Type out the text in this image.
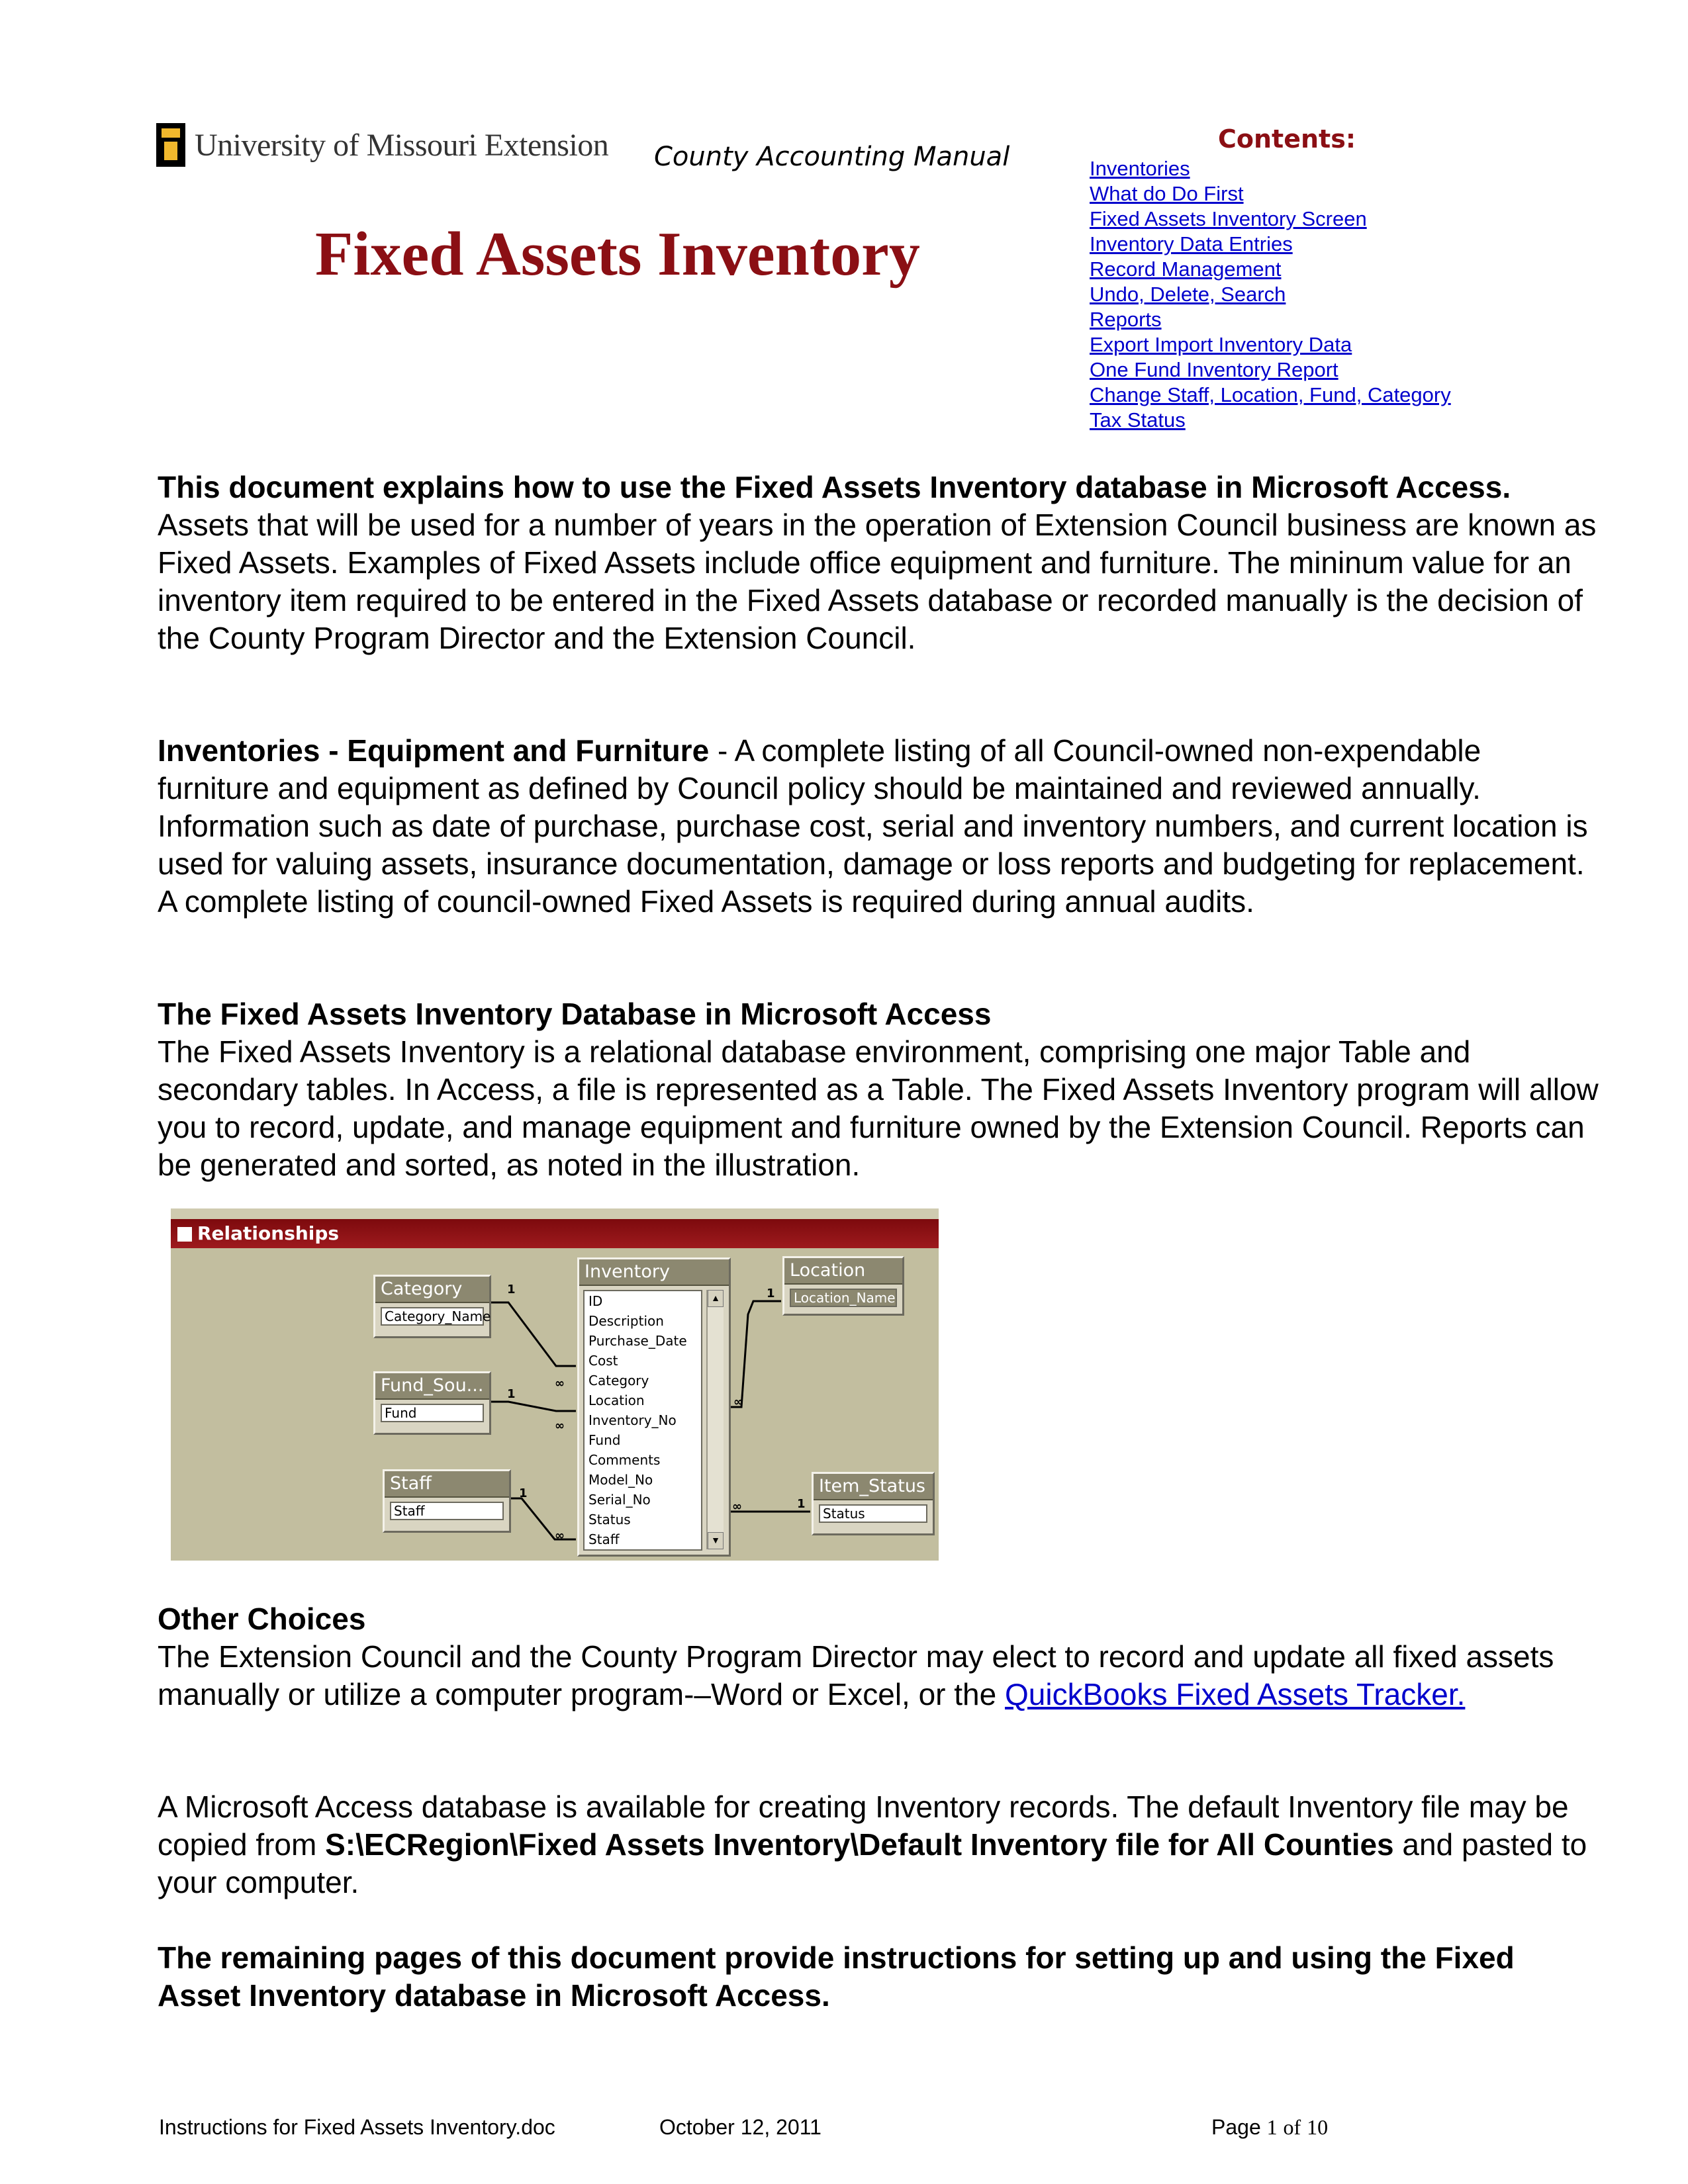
University of Missouri Extension County Accounting Manual
Fixed Assets Inventory
Contents:
Inventories
What do Do First
Fixed Assets Inventory Screen
Inventory Data Entries
Record Management
Undo, Delete, Search
Reports
Export Import Inventory Data
One Fund Inventory Report
Change Staff, Location, Fund, Category
Tax Status
This document explains how to use the Fixed Assets Inventory database in Microsoft Access.  Assets that will be used for a number of years in the operation of Extension Council business are known as Fixed Assets. Examples of Fixed Assets include office equipment and furniture. The mininum value for an inventory item required to be entered in the Fixed Assets database or recorded manually is the decision of the County Program Director and the Extension Council.
Inventories - Equipment and Furniture - A complete listing of all Council-owned non-expendable furniture and equipment as defined by Council policy should be maintained and reviewed annually. Information such as date of purchase, purchase cost, serial and inventory numbers, and current location is used for valuing assets, insurance documentation, damage or loss reports and budgeting for replacement. A complete listing of council-owned Fixed Assets is required during annual audits.
The Fixed Assets Inventory Database in Microsoft Access
The Fixed Assets Inventory is a relational database environment, comprising one major Table and secondary tables. In Access, a file is represented as a Table. The Fixed Assets Inventory program will allow you to record, update, and manage equipment and furniture owned by the Extension Council. Reports can be generated and sorted, as noted in the illustration.
Relationships
1
∞
1
∞
1
∞
1
∞
1
∞
Category
Category_Name
Fund_Sou...
Fund
Staff
Staff
Inventory
ID
Description
Purchase_Date
Cost
Category
Location
Inventory_No
Fund
Comments
Model_No
Serial_No
Status
Staff
▲
▼
Location
Location_Name
Item_Status
Status
Other Choices
The Extension Council and the County Program Director may elect to record and update all fixed assets manually or utilize a computer program-–Word or Excel, or the QuickBooks Fixed Assets Tracker.
A Microsoft Access database is available for creating Inventory records. The default Inventory file may be copied from S:\ECRegion\Fixed Assets Inventory\Default Inventory file for All Counties and pasted to your computer.
The remaining pages of this document provide instructions for setting up and using the Fixed Asset Inventory database in Microsoft Access.
Instructions for Fixed Assets Inventory.doc	October 12, 2011	Page 1 of 10
